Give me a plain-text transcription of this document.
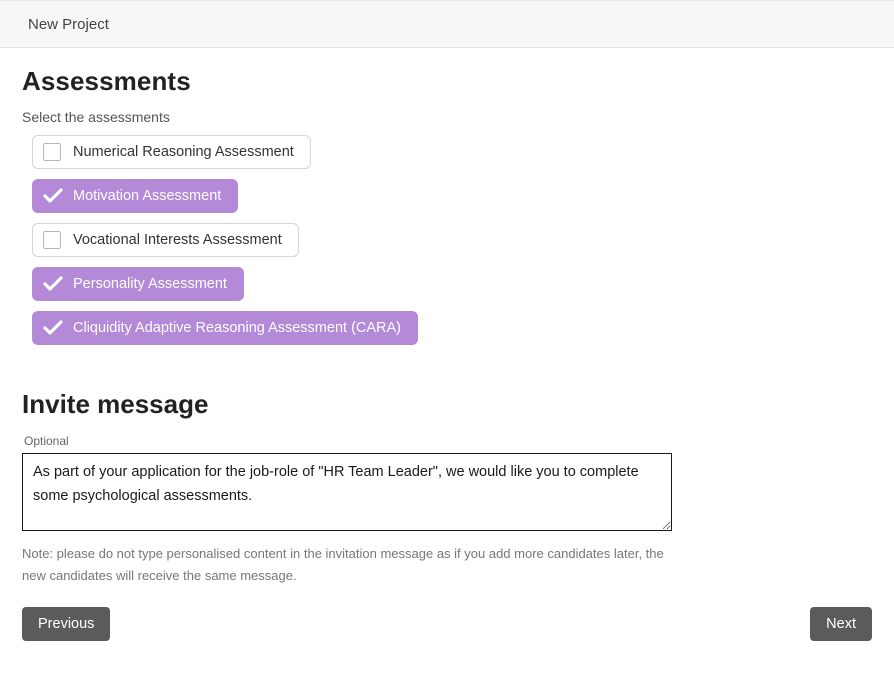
New Project
Assessments
Select the assessments
Numerical Reasoning Assessment
Motivation Assessment
Vocational Interests Assessment
Personality Assessment
Cliquidity Adaptive Reasoning Assessment (CARA)
Invite message
Optional
As part of your application for the job-role of "HR Team Leader", we would like you to complete some psychological assessments.
Note: please do not type personalised content in the invitation message as if you add more candidates later, the new candidates will receive the same message.
Previous	Next
